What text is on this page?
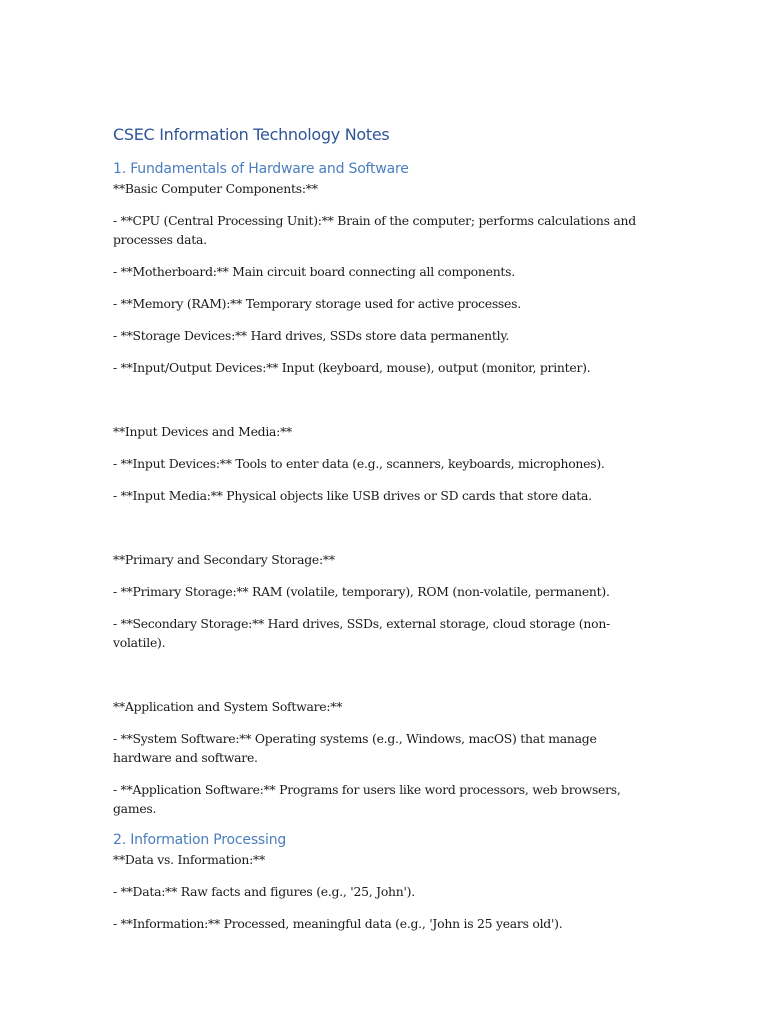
CSEC Information Technology Notes
1. Fundamentals of Hardware and Software

**Basic Computer Components:**

- **CPU (Central Processing Unit):** Brain of the computer; performs calculations and processes data.

- **Motherboard:** Main circuit board connecting all components.

- **Memory (RAM):** Temporary storage used for active processes.

- **Storage Devices:** Hard drives, SSDs store data permanently.

- **Input/Output Devices:** Input (keyboard, mouse), output (monitor, printer).

**Input Devices and Media:**

- **Input Devices:** Tools to enter data (e.g., scanners, keyboards, microphones).

- **Input Media:** Physical objects like USB drives or SD cards that store data.

**Primary and Secondary Storage:**

- **Primary Storage:** RAM (volatile, temporary), ROM (non-volatile, permanent).

- **Secondary Storage:** Hard drives, SSDs, external storage, cloud storage (non-volatile).

**Application and System Software:**

- **System Software:** Operating systems (e.g., Windows, macOS) that manage hardware and software.

- **Application Software:** Programs for users like word processors, web browsers, games.

2. Information Processing

**Data vs. Information:**

- **Data:** Raw facts and figures (e.g., '25, John').

- **Information:** Processed, meaningful data (e.g., 'John is 25 years old').
